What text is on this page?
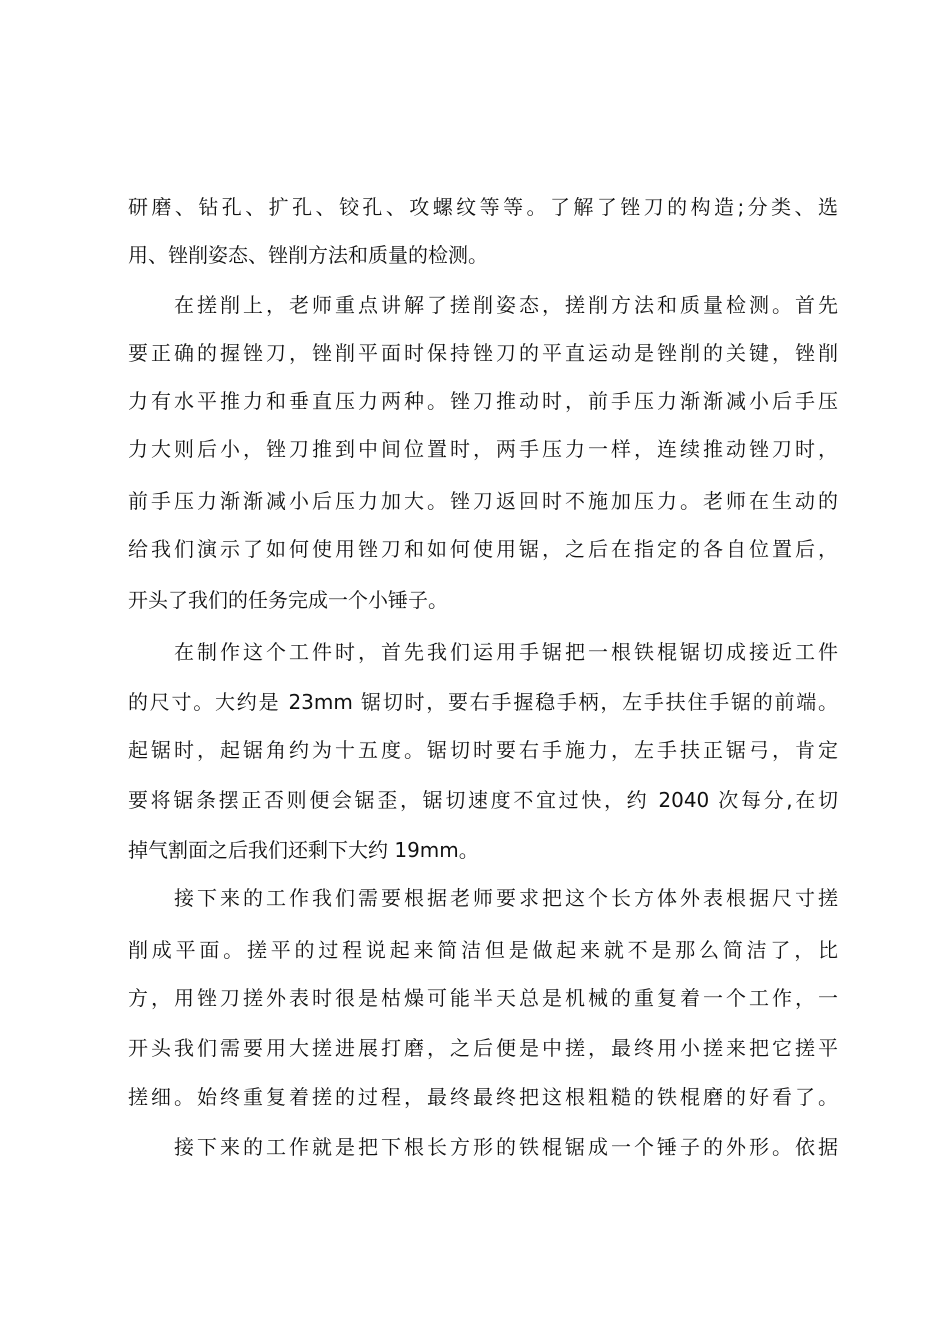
研磨、钻孔、扩孔、铰孔、攻螺纹等等。了解了锉刀的构造;分类、选
用、锉削姿态、锉削方法和质量的检测。
在搓削上，老师重点讲解了搓削姿态，搓削方法和质量检测。首先
要正确的握锉刀，锉削平面时保持锉刀的平直运动是锉削的关键，锉削
力有水平推力和垂直压力两种。锉刀推动时，前手压力渐渐减小后手压
力大则后小，锉刀推到中间位置时，两手压力一样，连续推动锉刀时，
前手压力渐渐减小后压力加大。锉刀返回时不施加压力。老师在生动的
给我们演示了如何使用锉刀和如何使用锯，之后在指定的各自位置后，
开头了我们的任务完成一个小锤子。
在制作这个工件时，首先我们运用手锯把一根铁棍锯切成接近工件
的尺寸。大约是 23mm 锯切时，要右手握稳手柄，左手扶住手锯的前端。
起锯时，起锯角约为十五度。锯切时要右手施力，左手扶正锯弓，肯定
要将锯条摆正否则便会锯歪，锯切速度不宜过快，约 2040 次每分,在切
掉气割面之后我们还剩下大约 19mm。
接下来的工作我们需要根据老师要求把这个长方体外表根据尺寸搓
削成平面。搓平的过程说起来简洁但是做起来就不是那么简洁了，比
方，用锉刀搓外表时很是枯燥可能半天总是机械的重复着一个工作，一
开头我们需要用大搓进展打磨，之后便是中搓，最终用小搓来把它搓平
搓细。始终重复着搓的过程，最终最终把这根粗糙的铁棍磨的好看了。
接下来的工作就是把下根长方形的铁棍锯成一个锤子的外形。依据
